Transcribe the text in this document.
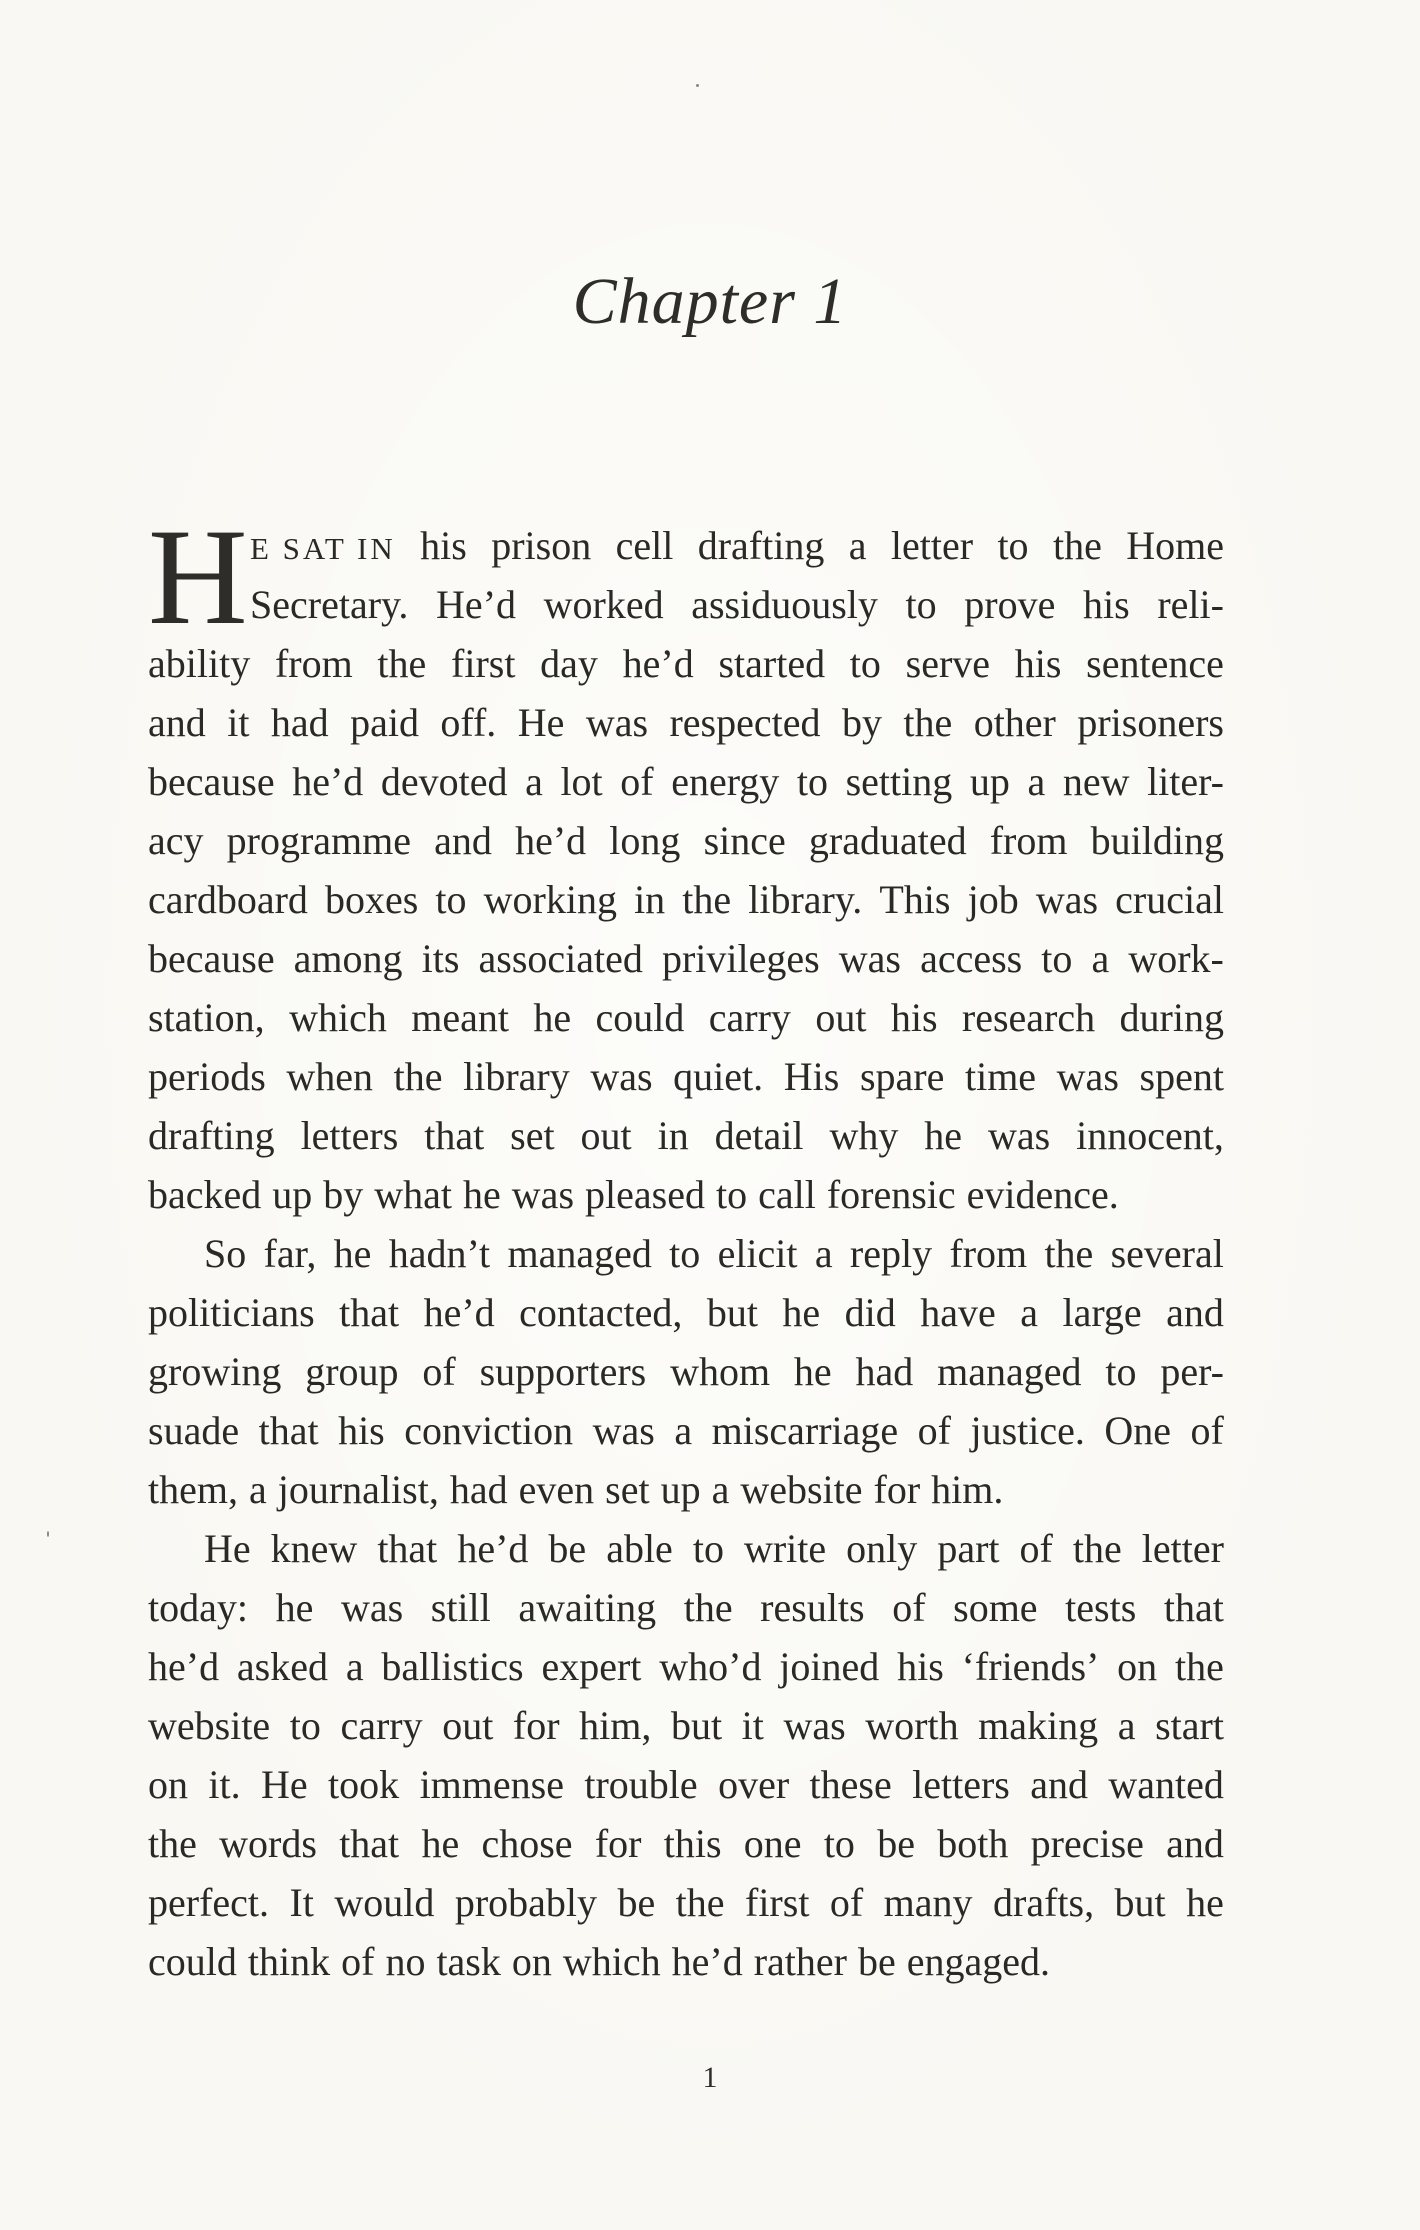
Chapter 1
H E SAT IN his prison cell drafting a letter to the Home
Secretary. He’d worked assiduously to prove his reli-
ability from the first day he’d started to serve his sentence
and it had paid off. He was respected by the other prisoners
because he’d devoted a lot of energy to setting up a new liter-
acy programme and he’d long since graduated from building
cardboard boxes to working in the library. This job was crucial
because among its associated privileges was access to a work-
station, which meant he could carry out his research during
periods when the library was quiet. His spare time was spent
drafting letters that set out in detail why he was innocent,
backed up by what he was pleased to call forensic evidence.
So far, he hadn’t managed to elicit a reply from the several
politicians that he’d contacted, but he did have a large and
growing group of supporters whom he had managed to per-
suade that his conviction was a miscarriage of justice. One of
them, a journalist, had even set up a website for him.
He knew that he’d be able to write only part of the letter
today: he was still awaiting the results of some tests that
he’d asked a ballistics expert who’d joined his ‘friends’ on the
website to carry out for him, but it was worth making a start
on it. He took immense trouble over these letters and wanted
the words that he chose for this one to be both precise and
perfect. It would probably be the first of many drafts, but he
could think of no task on which he’d rather be engaged.
1
